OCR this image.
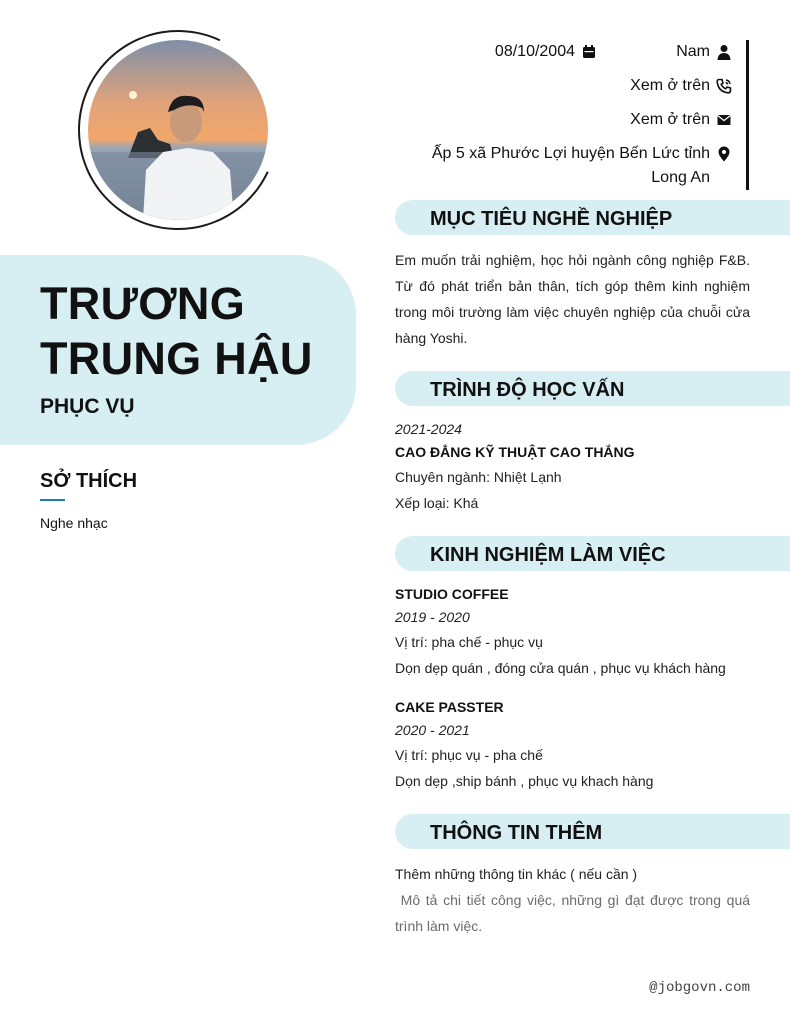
TRƯƠNG
TRUNG HẬU
PHỤC VỤ
SỞ THÍCH
Nghe nhạc
08/10/2004	Nam
Xem ở trên
Xem ở trên
Ấp 5 xã Phước Lợi huyện Bến Lức tỉnh Long An
MỤC TIÊU NGHỀ NGHIỆP
Em muốn trải nghiệm, học hỏi ngành công nghiệp F&B. Từ đó phát triển bản thân, tích góp thêm kinh nghiệm trong môi trường làm việc chuyên nghiệp của chuỗi cửa hàng Yoshi.
TRÌNH ĐỘ HỌC VẤN
2021-2024
CAO ĐẲNG KỸ THUẬT CAO THẮNG
Chuyên ngành: Nhiệt Lạnh
Xếp loại: Khá
KINH NGHIỆM LÀM VIỆC
STUDIO COFFEE
2019 - 2020
Vị trí: pha chế - phục vụ
Dọn dẹp quán , đóng cửa quán , phục vụ khách hàng
CAKE PASSTER
2020 - 2021
Vị trí: phục vụ - pha chế
Dọn dẹp ,ship bánh , phục vụ khach hàng
THÔNG TIN THÊM
Thêm những thông tin khác ( nếu cần )
Mô tả chi tiết công việc, những gì đạt được trong quá trình làm việc.
@jobgovn.com
